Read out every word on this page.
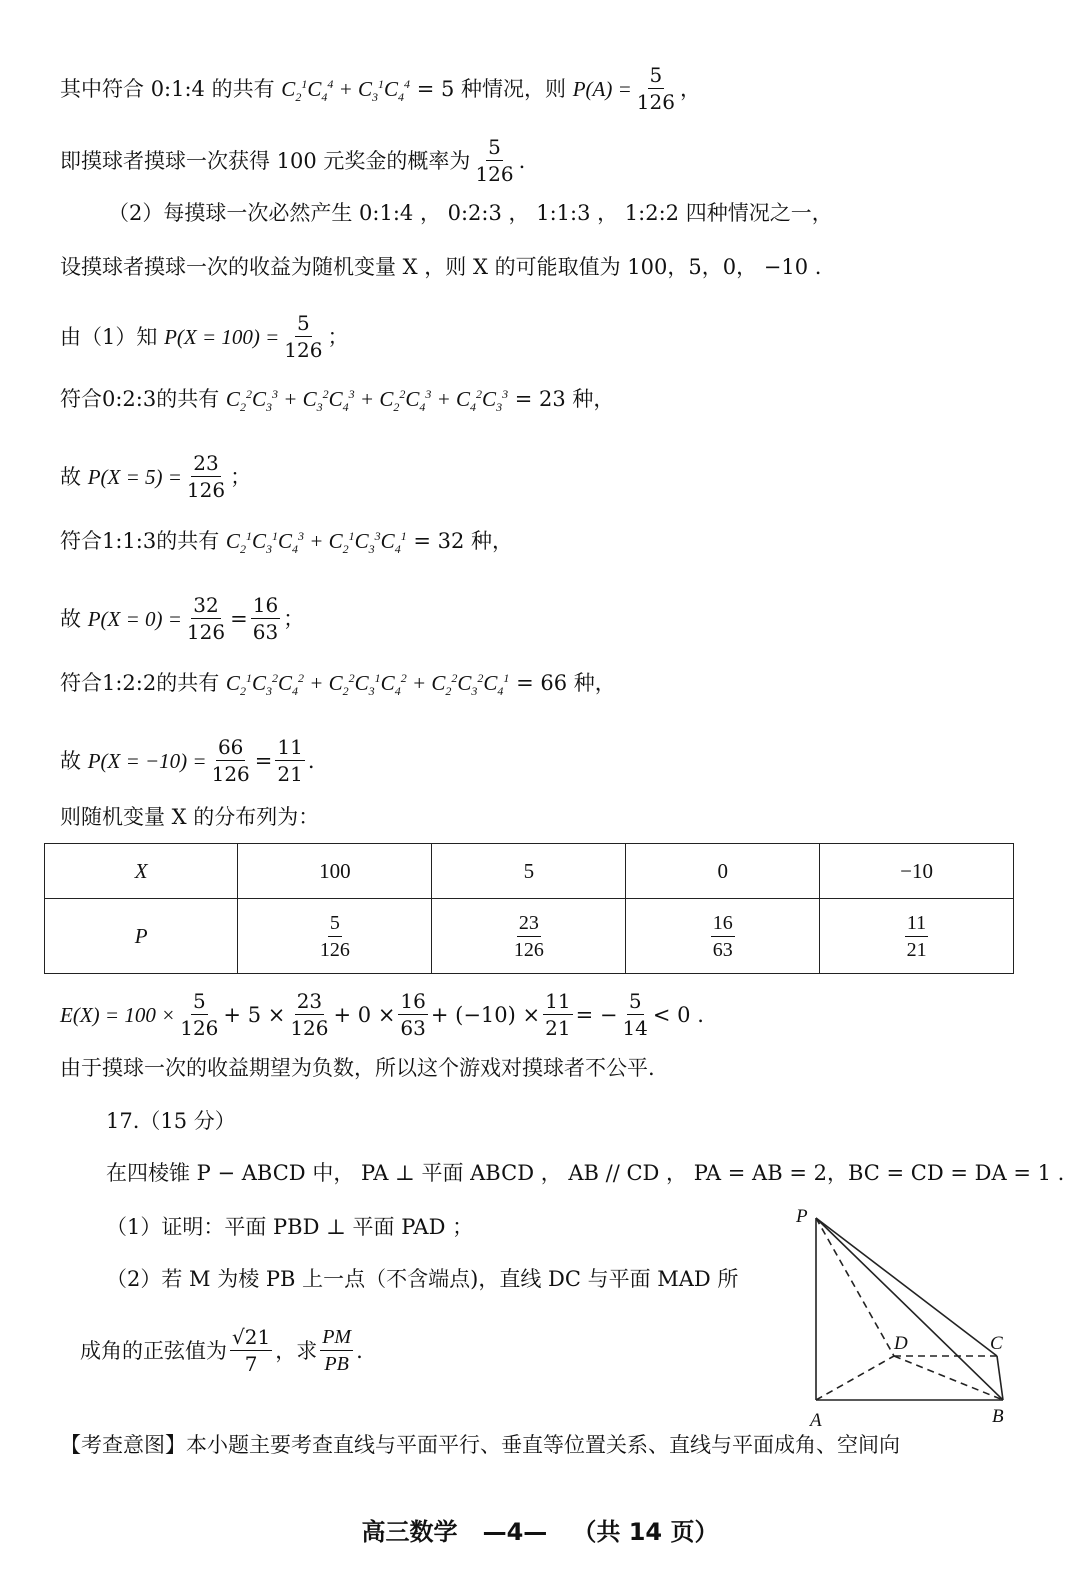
其中符合
0:1:4
的共有
$C_2^1C_4^4 + C_3^1C_4^4$
= 5 种情况，则
$P(A) = \frac{5}{126}$ ，
即摸球者摸球一次获得 100 元奖金的概率为 $\frac{5}{126}$ .
（2）每摸球一次必然产生 0:1:4 ， 0:2:3 ， 1:1:3 ， 1:2:2 四种情况之一，
设摸球者摸球一次的收益为随机变量 X ，则 X 的可能取值为 100，5，0， −10 .
由（1）知
$P(X = 100) = \frac{5}{126}$ ；
符合 0:2:3 的共有
$C_2^2C_3^3 + C_3^2C_4^3 + C_2^2C_4^3 + C_4^2C_3^3$
= 23 种，
故
$P(X = 5) = \frac{23}{126}$ ；
符合 1:1:3 的共有
$C_2^1C_3^1C_4^3 + C_2^1C_3^3C_4^1$
= 32 种，
故
$P(X = 0) = \frac{32}{126} = \frac{16}{63}$ ；
符合 1:2:2 的共有
$C_2^1C_3^2C_4^2 + C_2^2C_3^1C_4^2 + C_2^2C_3^2C_4^1$
= 66 种，
故
$P(X = -10) = \frac{66}{126} = \frac{11}{21}$ .
则随机变量 X 的分布列为：
X	100	5	0	−10
P	$\frac{5}{126}$	$\frac{23}{126}$	$\frac{16}{63}$	$\frac{11}{21}$
$E(X) = 100 \times \frac{5}{126} + 5 \times \frac{23}{126} + 0 \times \frac{16}{63} + (-10) \times \frac{11}{21}$ = − $\frac{5}{14} < 0$ .
由于摸球一次的收益期望为负数，所以这个游戏对摸球者不公平.
17.（15 分）
在四棱锥 P − ABCD 中， PA ⊥ 平面 ABCD ， AB // CD ， PA = AB = 2，BC = CD = DA = 1 .
（1）证明：平面 PBD ⊥ 平面 PAD ；
（2）若 M 为棱 PB 上一点（不含端点)，直线 DC 与平面 MAD 所
成角的正弦值为 $\frac{√21}{7}$ ，求 $\frac{PM}{PB}$ .
P
A	B
C
D
【考查意图】本小题主要考查直线与平面平行、垂直等位置关系、直线与平面成角、空间向
高三数学 —4— （共 14 页）
